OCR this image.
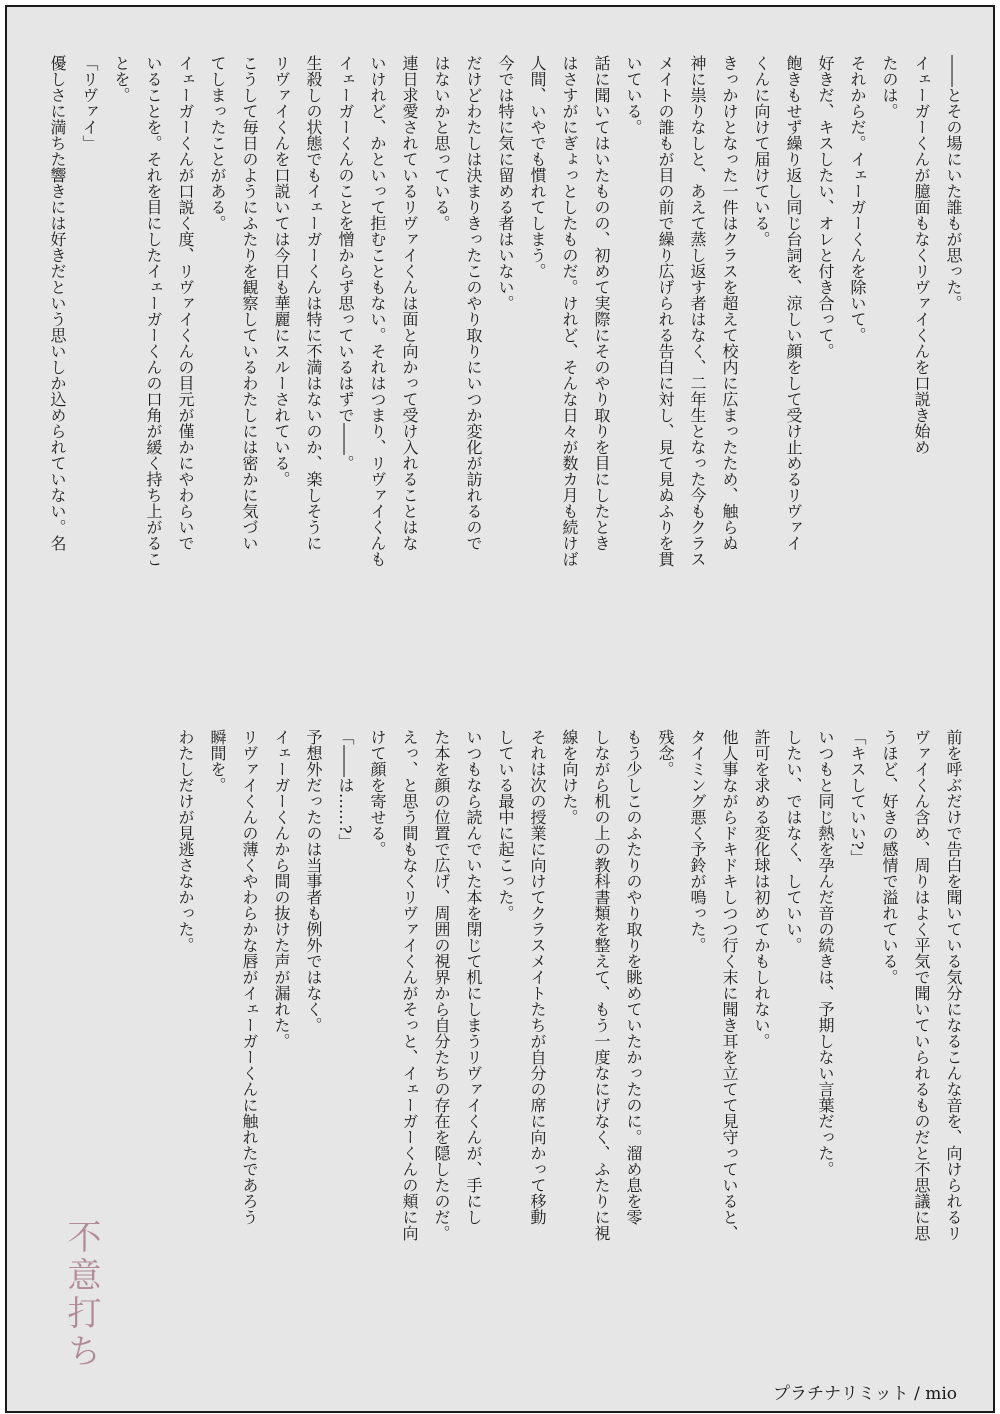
――とその場にいた誰もが思った。
イェーガーくんが臆面もなくリヴァイくんを口説き始め
たのは。
それからだ。イェーガーくんを除いて。
好きだ、キスしたい、オレと付き合って。
飽きもせず繰り返し同じ台詞を、涼しい顔をして受け止めるリヴァイ
くんに向けて届けている。
きっかけとなった一件はクラスを超えて校内に広まったため、触らぬ
神に祟りなしと、あえて蒸し返す者はなく、二年生となった今もクラス
メイトの誰もが目の前で繰り広げられる告白に対し、見て見ぬふりを貫
いている。
話に聞いてはいたものの、初めて実際にそのやり取りを目にしたとき
はさすがにぎょっとしたものだ。けれど、そんな日々が数カ月も続けば
人間、いやでも慣れてしまう。
今では特に気に留める者はいない。
だけどわたしは決まりきったこのやり取りにいつか変化が訪れるので
はないかと思っている。
連日求愛されているリヴァイくんは面と向かって受け入れることはな
いけれど、かといって拒むこともない。それはつまり、リヴァイくんも
イェーガーくんのことを憎からず思っているはずで――。
生殺しの状態でもイェーガーくんは特に不満はないのか、楽しそうに
リヴァイくんを口説いては今日も華麗にスルーされている。
こうして毎日のようにふたりを観察しているわたしには密かに気づい
てしまったことがある。
イェーガーくんが口説く度、リヴァイくんの目元が僅かにやわらいで
いることを。それを目にしたイェーガーくんの口角が緩く持ち上がるこ
とを。
「リヴァイ」
優しさに満ちた響きには好きだという思いしか込められていない。名
前を呼ぶだけで告白を聞いている気分になるこんな音を、向けられるリ
ヴァイくん含め、周りはよく平気で聞いていられるものだと不思議に思
うほど、好きの感情で溢れている。
「キスしていい?」
いつもと同じ熱を孕んだ音の続きは、予期しない言葉だった。
したい、ではなく、していい。
許可を求める変化球は初めてかもしれない。
他人事ながらドキドキしつつ行く末に聞き耳を立てて見守っていると、
タイミング悪く予鈴が鳴った。
残念。
もう少しこのふたりのやり取りを眺めていたかったのに。溜め息を零
しながら机の上の教科書類を整えて、もう一度なにげなく、ふたりに視
線を向けた。
それは次の授業に向けてクラスメイトたちが自分の席に向かって移動
している最中に起こった。
いつもなら読んでいた本を閉じて机にしまうリヴァイくんが、手にし
た本を顔の位置で広げ、周囲の視界から自分たちの存在を隠したのだ。
えっ、と思う間もなくリヴァイくんがそっと、イェーガーくんの頬に向
けて顔を寄せる。
「――は……?」
予想外だったのは当事者も例外ではなく。
イェーガーくんから間の抜けた声が漏れた。
リヴァイくんの薄くやわらかな唇がイェーガーくんに触れたであろう
瞬間を。
わたしだけが見逃さなかった。
不意打ち
プラチナリミット / mio
